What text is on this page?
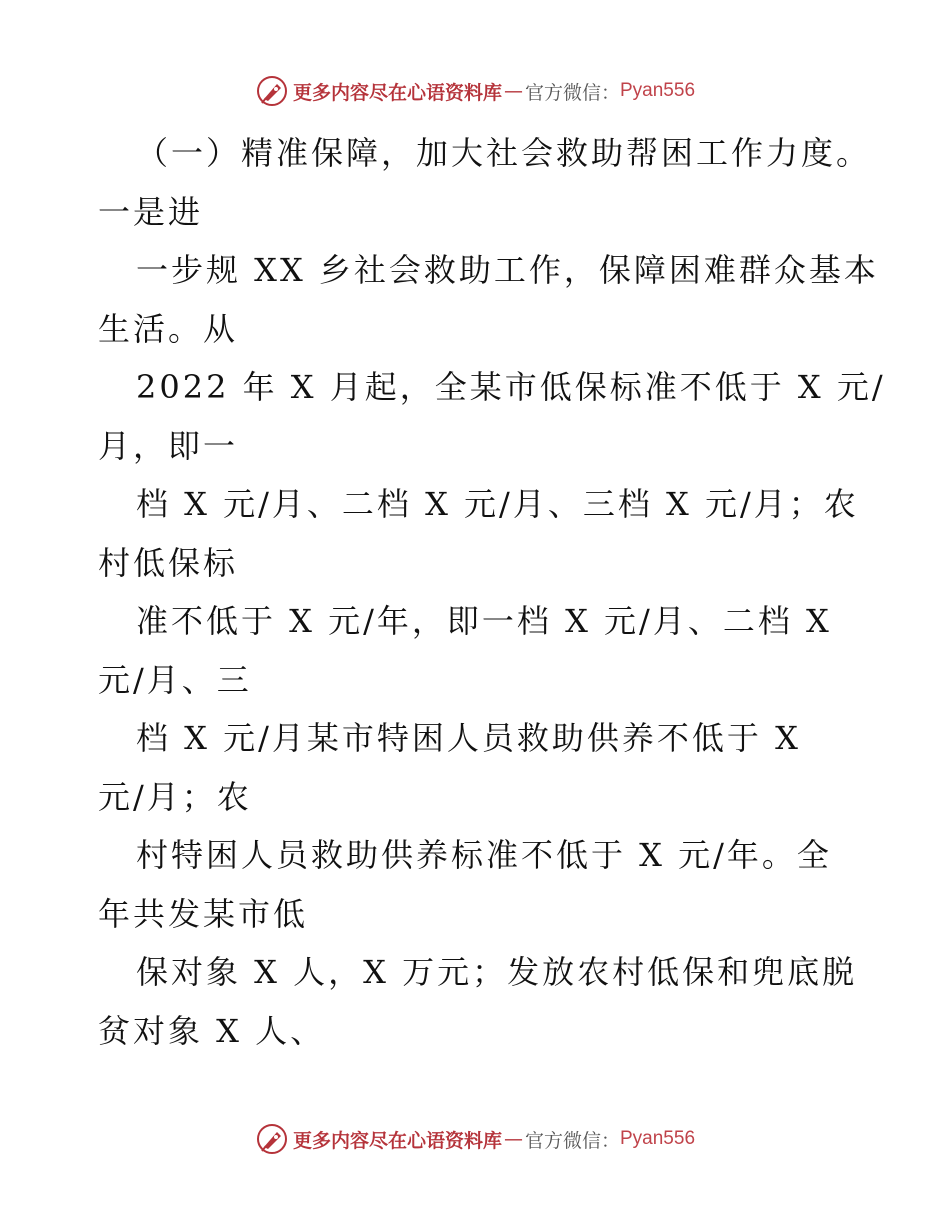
更多内容尽在心语资料库 — 官方微信： Pyan556
（一）精准保障，加大社会救助帮困工作力度。
一是进
一步规 XX 乡社会救助工作，保障困难群众基本
生活。从
2022 年 X 月起，全某市低保标准不低于 X 元/
月，即一
档 X 元/月、二档 X 元/月、三档 X 元/月；农
村低保标
准不低于 X 元/年，即一档 X 元/月、二档 X
元/月、三
档 X 元/月某市特困人员救助供养不低于 X
元/月；农
村特困人员救助供养标准不低于 X 元/年。全
年共发某市低
保对象 X 人，X 万元；发放农村低保和兜底脱
贫对象 X 人、
更多内容尽在心语资料库 — 官方微信： Pyan556
